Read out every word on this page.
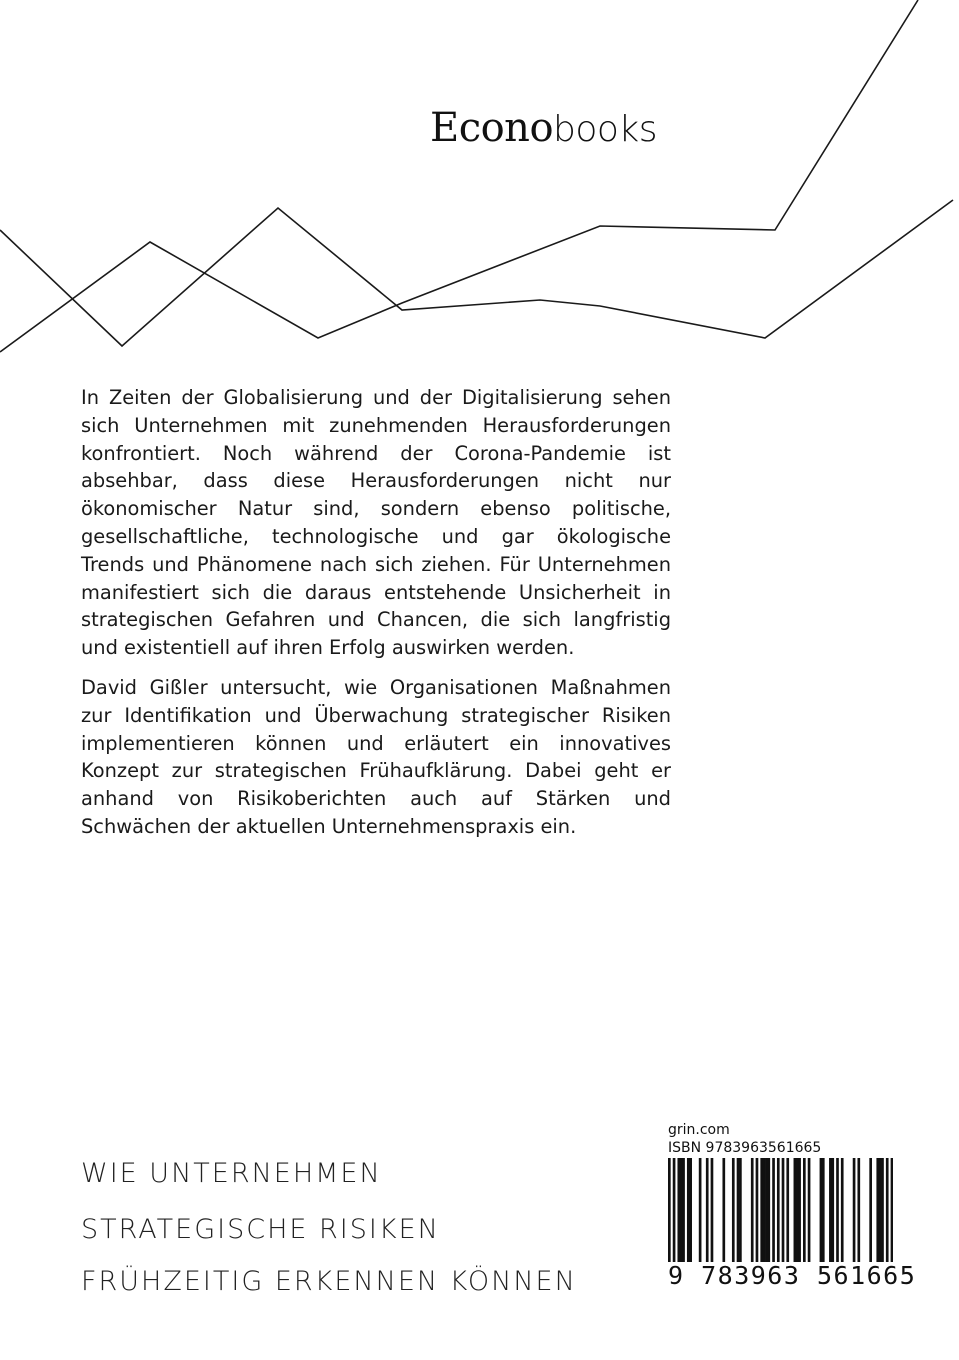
Econobooks

In Zeiten der Globalisierung und der Digitalisierung sehen sich Unternehmen mit zunehmenden Herausforderungen konfrontiert. Noch während der Corona-Pandemie ist absehbar, dass diese Herausforderungen nicht nur ökonomischer Natur sind, sondern ebenso politische, gesellschaftliche, technologische und gar ökologische Trends und Phänomene nach sich ziehen. Für Unternehmen manifestiert sich die daraus entstehende Unsicherheit in strategischen Gefahren und Chancen, die sich langfristig und existentiell auf ihren Erfolg auswirken werden.

David Gißler untersucht, wie Organisationen Maßnahmen zur Identifikation und Überwachung strategischer Risiken implementieren können und erläutert ein innovatives Konzept zur strategischen Frühaufklärung. Dabei geht er anhand von Risikoberichten auch auf Stärken und Schwächen der aktuellen Unternehmenspraxis ein.

WIE UNTERNEHMEN
STRATEGISCHE RISIKEN
FRÜHZEITIG ERKENNEN KÖNNEN
grin.com
ISBN 9783963561665
9 783963 561665
